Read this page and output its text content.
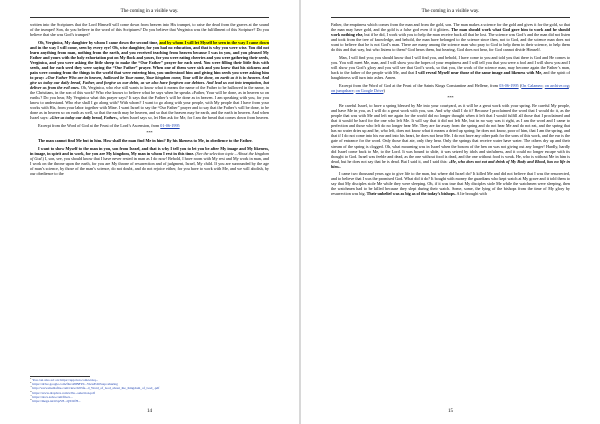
The coming in a visible way.

written into the Scriptures that the Lord Himself will come down from heaven into His trumpet, to raise the dead from the graves at the sound of the trumpet! Son, do you believe in the word of this Scriptures? Do you believe that Verginica was the fulfillment of this Scripture? Do you believe that she was God’s trumpet?

Oh, Verginica, My daughter by whom I came down the second time, and by whom I will let Myself be seen in the way I came down and in the way I will come, seen by every eye! Oh, wise daughter, for you had no education, and that is why you were wise. You did not learn anything from man, nothing from the earth, and you received teaching from heaven because I was in you, and you pleased My Father and yours with the holy exhortation put on My flock and yours, for you were eating cherries and you were gathering their seeds, Verginica, and you were asking the little sheep to make the “Our Father” prayer for each seed. You were filling their little fists with seeds, and for each seed they were saying the “Our Father” prayer. When one of them were sick and you knew that his sickness and pain were coming from the things in the world that were entering him, you understood him and giving him seeds you were asking him to pray: «Our Father Who are in heaven, hallowed be Your name, Your kingdom come, Your will be done, on earth as it is in heaven. And give us today our daily bread, Father, and forgive us our debts, as we also have forgiven our debtors. And lead us not into temptation, but deliver us from the evil ones. Oh, Verginica, who else still wants to know what it means the name of the Father to be hallowed in the name, in the Christians, in the son of this work? Who else knows to believe what he says when he speaks «Father, Your will be done, as in heaven so on earth»? Do you hear, My Verginica what this prayer says? It says that the Father’s will be done as in heaven. I am speaking with you, for you know to understand. Who else shall I go along with? With whom? I want to go along with your people, with My people that I have from your works with His, from your labor together with Mine. I want Israel to say the “Our Father” prayer and to say that the Father’s will be done, to be done as in heaven so on earth as well, so that the earth may be heaven, and so that the heaven may be earth, and the earth in heaven. And when Israel says: «Give us today our daily bread, Father», when Israel says so, let Him ask for Me, for I am the bread that comes down from heaven.

Excerpt from the Word of God at the Feast of the Lord’s Ascension, from 01-06-1995

***

The man cannot find Me but in him. How shall the man find Me in him? By his likeness to Me, in obedience to the Father.

I want to show Myself to the man in you, son from Israel, and that is why I tell you to let you be after My image and My likeness, in image, in spirit and in work, for you are My kingdom, My man in whom I rest in this time. (See the selection topic – About the kingdom of God.) I, son, see, you should know that I have never rested in man as I do now! Behold, I have room with My rest and My work in man, and I work on the throne upon the earth, for you are My throne of resurrection and of judgment, Israel, My child. If you are surrounded by the age of man’s science, by those of the man’s science, do not doubt, and do not rejoice either, for you have to work with Me, and we will abolish, by our obedience to the

$^1$ You can also act on: https://app.box.com/s/okq...
$^2$ https://drive.google.com/file/d/0B8Y0...ViewEdit?usp=sharing
$^3$ http://www.mediafire.com/view/d2l3fe...d_Word_of_God_about_the_Kingdom_of_God_.pdf
$^4$ https://www.dropbox.com/s/9w...selection.pdf
$^5$ https://docs.zoho.com/file/a...
$^6$ https://mega.nz/#!qsV8...Q!D1fH...
14
The coming in a visible way.

Father, the emptiness which comes from the man and from the gold, son. The man makes a science for the gold and gives it for the gold, so that the man may have gold, and the gold is a false god even if it glitters. The man should work what God gave him to work and he should work nothing else, but if he did, I work with you to help the man receive back all that he lost. The science was God’s and the man did not listen and took from the tree of knowledge, and behold, the man have belonged to the science since then, not to God, and the science man does not want to believe that he is not God’s man. There are many among the science man who pray to God to help them in their science, to help them do this and that way, but who listens to them? God hears them, but hearing, God does not hear, for God cannot divide Himself.

Man, I will find you; you should know that I will find you, and behold, I have come to you and told you that there is God and He comes to you. You will meet Me, man, and I will show you the hopes of your emptiness and I will tell you that you were a fool and I will show you and I will show you God’s glory and you will see that God’s work, so that you, the work of the science man, may become again the Father’s man, back to the father of the people with Me, and that I will reveal Myself near those of the same image and likeness with Me, and the spirit of haughtiness will turn into ashes. Amen.

Excerpt from the Word of God at the Feast of the Saints Kings Constantine and Hellene, from 03-06-1995 (On Calameo; on archive.org; on jumpshare; on Google Drive)

***

Be careful Israel, to have a spring blessed by Me into your courtyard, as it will be a great work with your spring. Be careful My people, and have Me in you, as I will do a great work with you, son. And why shall I do it? Because I proclaimed the word that I would do it, as the people that was with Me and left me again for the world did no longer thought when it left that I would fulfill all those that I proclaimed and that it would be hard for the one who left Me. It will say that it did not left Me, but in no way was it right, as I am the word and I came to perfection and those who left do no longer hear Me. They are far away from the spring and do not hear Me and do not eat, and the spring that has no water dries up and he, who left, does not know what it means a dried up spring; he does not know, poor of him, that I am the spring, and that if I do not come into his ear and into his heart, he does not hear Me. I do not have any other path for the sons of this work, and the ear is the gate of entrance for the word. Only those that ate, only they hear. Only the springs that receive water have water. The others dry up and their stream of the spring is clogged. Oh, what mourning was in Israel when the bosom of the hen on was not giving out any longer! Hardly, hardly did Israel come back to Me, to the Lord. It was bound to slide, it was seized by idols and sinfulness, and it could no longer escape with its thought to God. Israel was feeble and dead, as the one without food is dead, and the one without food is weak. He, who is without Me in him is dead, but he does not say that he is dead. But I said it, and I said this: «He, who does not eat and drink of My Body and Blood, has no life in him».

I came two thousand years ago to give life to the man, but where did Israel do? It killed Me and did not believe that I was the resurrected, and to believe that I was the promised God. What did it do? It bought with money the guardians who kept watch at My grave and it told them to say that My disciples stole Me while they were sleeping. Oh, if it was true that My disciples stole Me while the watchmen were sleeping, then the watchmen had to be killed because they slept during their watch. Some, some, the lying of the bishops from the time of My glory by resurrection was big. Their unbelief was as big as of the today’s bishops. A lie brought with

15
